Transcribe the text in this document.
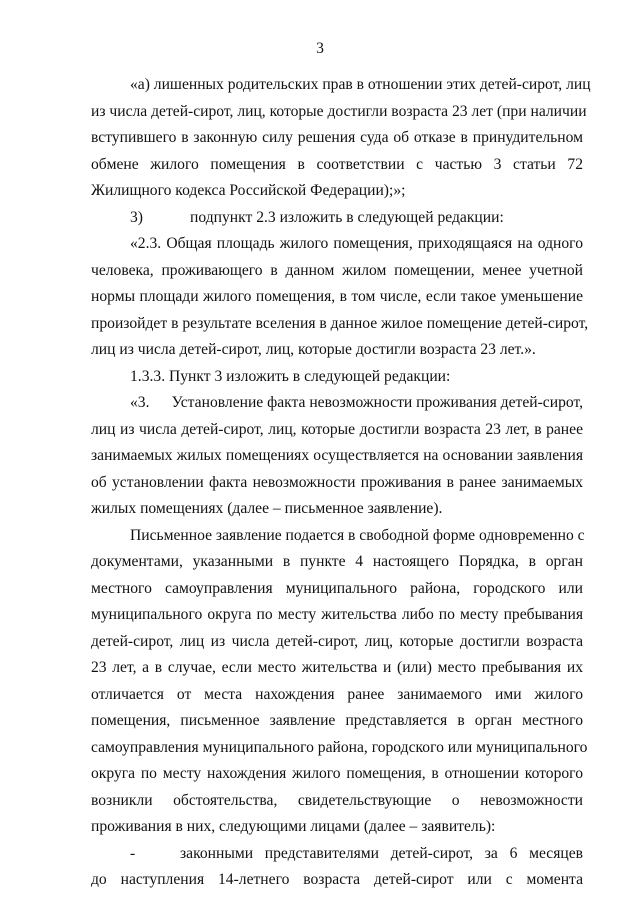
3
«а) лишенных родительских прав в отношении этих детей-сирот, лиц
из числа детей-сирот, лиц, которые достигли возраста 23 лет (при наличии
вступившего в законную силу решения суда об отказе в принудительном
обмене жилого помещения в соответствии с частью 3 статьи 72
Жилищного кодекса Российской Федерации);»;
3)	подпункт 2.3 изложить в следующей редакции:
«2.3. Общая площадь жилого помещения, приходящаяся на одного
человека, проживающего в данном жилом помещении, менее учетной
нормы площади жилого помещения, в том числе, если такое уменьшение
произойдет в результате вселения в данное жилое помещение детей-сирот,
лиц из числа детей-сирот, лиц, которые достигли возраста 23 лет.».
1.3.3. Пункт 3 изложить в следующей редакции:
«3.	Установление факта невозможности проживания детей-сирот,
лиц из числа детей-сирот, лиц, которые достигли возраста 23 лет, в ранее
занимаемых жилых помещениях осуществляется на основании заявления
об установлении факта невозможности проживания в ранее занимаемых
жилых помещениях (далее – письменное заявление).
Письменное заявление подается в свободной форме одновременно с
документами, указанными в пункте 4 настоящего Порядка, в орган
местного самоуправления муниципального района, городского или
муниципального округа по месту жительства либо по месту пребывания
детей-сирот, лиц из числа детей-сирот, лиц, которые достигли возраста
23 лет, а в случае, если место жительства и (или) место пребывания их
отличается от места нахождения ранее занимаемого ими жилого
помещения, письменное заявление представляется в орган местного
самоуправления муниципального района, городского или муниципального
округа по месту нахождения жилого помещения, в отношении которого
возникли обстоятельства, свидетельствующие о невозможности
проживания в них, следующими лицами (далее – заявитель):
-	законными представителями детей-сирот, за 6 месяцев
до наступления 14-летнего возраста детей-сирот или с момента
